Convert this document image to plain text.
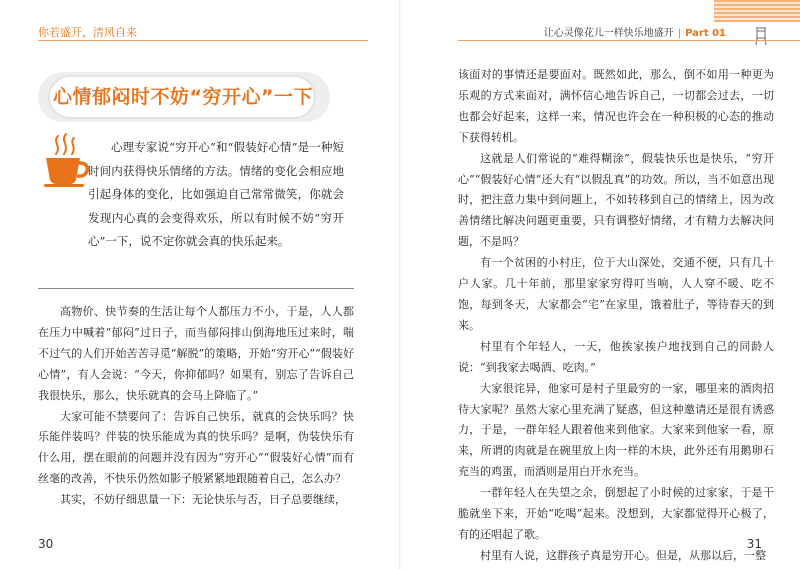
你若盛开，清风自来
心情郁闷时不妨“穷开心”一下
心理专家说“穷开心”和“假装好心情”是一种短时间内获得快乐情绪的方法。情绪的变化会相应地引起身体的变化，比如强迫自己常常微笑，你就会发现内心真的会变得欢乐，所以有时候不妨“穷开心”一下，说不定你就会真的快乐起来。

高物价、快节奏的生活让每个人都压力不小，于是，人人都在压力中喊着“郁闷”过日子，而当郁闷排山倒海地压过来时，喘不过气的人们开始苦苦寻觅“解脱”的策略，开始“穷开心”“假装好心情”，有人会说：“今天，你抑郁吗？如果有，别忘了告诉自己我很快乐，那么，快乐就真的会马上降临了。”

大家可能不禁要问了：告诉自己快乐，就真的会快乐吗？快乐能伴装吗？伴装的快乐能成为真的快乐吗？是啊，伪装快乐有什么用，摆在眼前的问题并没有因为“穷开心”“假装好心情”而有丝毫的改善，不快乐仍然如影子般紧紧地跟随着自己，怎么办？

其实，不妨仔细思量一下：无论快乐与否，日子总要继续，

30
让心灵像花儿一样快乐地盛开 | Part 01

该面对的事情还是要面对。既然如此，那么，倒不如用一种更为乐观的方式来面对，满怀信心地告诉自己，一切都会过去，一切也都会好起来，这样一来，情况也许会在一种积极的心态的推动下获得转机。

这就是人们常说的“难得糊涂”，假装快乐也是快乐，“穷开心”“假装好心情”还大有“以假乱真”的功效。所以，当不如意出现时，把注意力集中到问题上，不如转移到自己的情绪上，因为改善情绪比解决问题更重要，只有调整好情绪，才有精力去解决问题，不是吗？

有一个贫困的小村庄，位于大山深处，交通不便，只有几十户人家。几十年前，那里家家穷得叮当响，人人穿不暖、吃不饱，每到冬天，大家都会“宅”在家里，饿着肚子，等待春天的到来。

村里有个年轻人，一天，他挨家挨户地找到自己的同龄人说：“到我家去喝酒、吃肉。”

大家很诧异，他家可是村子里最穷的一家，哪里来的酒肉招待大家呢？虽然大家心里充满了疑惑，但这种邀请还是很有诱惑力，于是，一群年轻人跟着他来到他家。大家来到他家一看，原来，所谓的肉就是在碗里放上肉一样的木块，此外还有用鹅卵石充当的鸡蛋，而酒则是用白开水充当。

一群年轻人在失望之余，倒想起了小时候的过家家，于是干脆就坐下来，开始“吃喝”起来。没想到，大家都觉得开心极了，有的还唱起了歌。

村里有人说，这群孩子真是穷开心。但是，从那以后，一整

31
